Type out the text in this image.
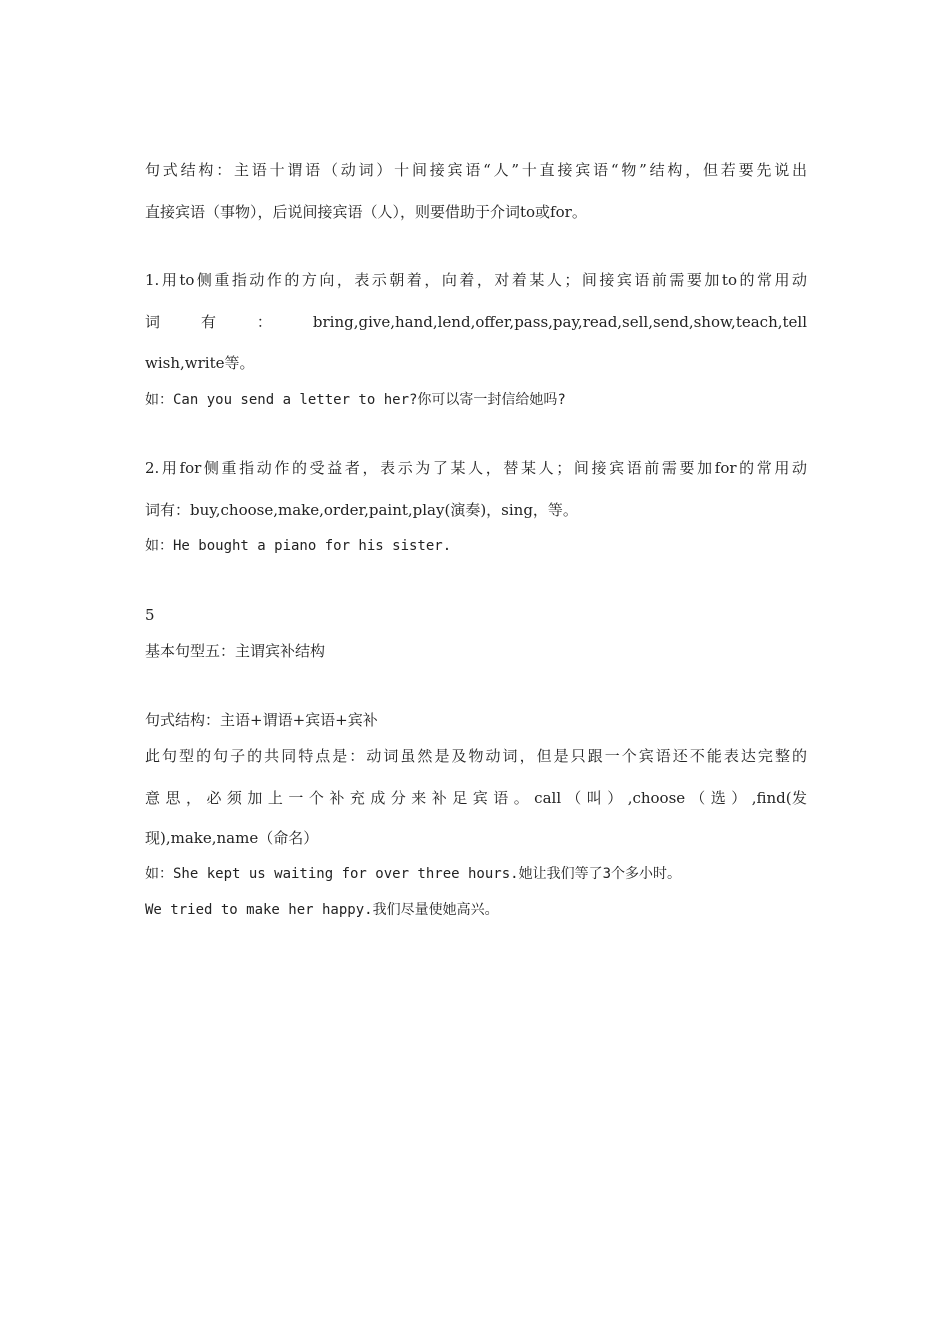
句式结构：主语十谓语（动词）十间接宾语“人”十直接宾语“物”结构，但若要先说出

直接宾语（事物），后说间接宾语（人），则要借助于介词to或for。

1.用to侧重指动作的方向，表示朝着，向着，对着某人；间接宾语前需要加to的常用动

词 有 ： bring,give,hand,lend,offer,pass,pay,read,sell,send,show,teach,tell

wish,write等。

如：Can you send a letter to her?你可以寄一封信给她吗?

2.用for侧重指动作的受益者，表示为了某人，替某人；间接宾语前需要加for的常用动

词有：buy,choose,make,order,paint,play(演奏)，sing，等。

如：He bought a piano for his sister.

5

基本句型五：主谓宾补结构

句式结构：主语+谓语+宾语+宾补

此句型的句子的共同特点是：动词虽然是及物动词，但是只跟一个宾语还不能表达完整的

意 思 ， 必 须 加 上 一 个 补 充 成 分 来 补 足 宾 语 。 call （ 叫 ） ,choose （ 选 ） ,find(发

现),make,name（命名）

如：She kept us waiting for over three hours.她让我们等了3个多小时。

We tried to make her happy.我们尽量使她高兴。
